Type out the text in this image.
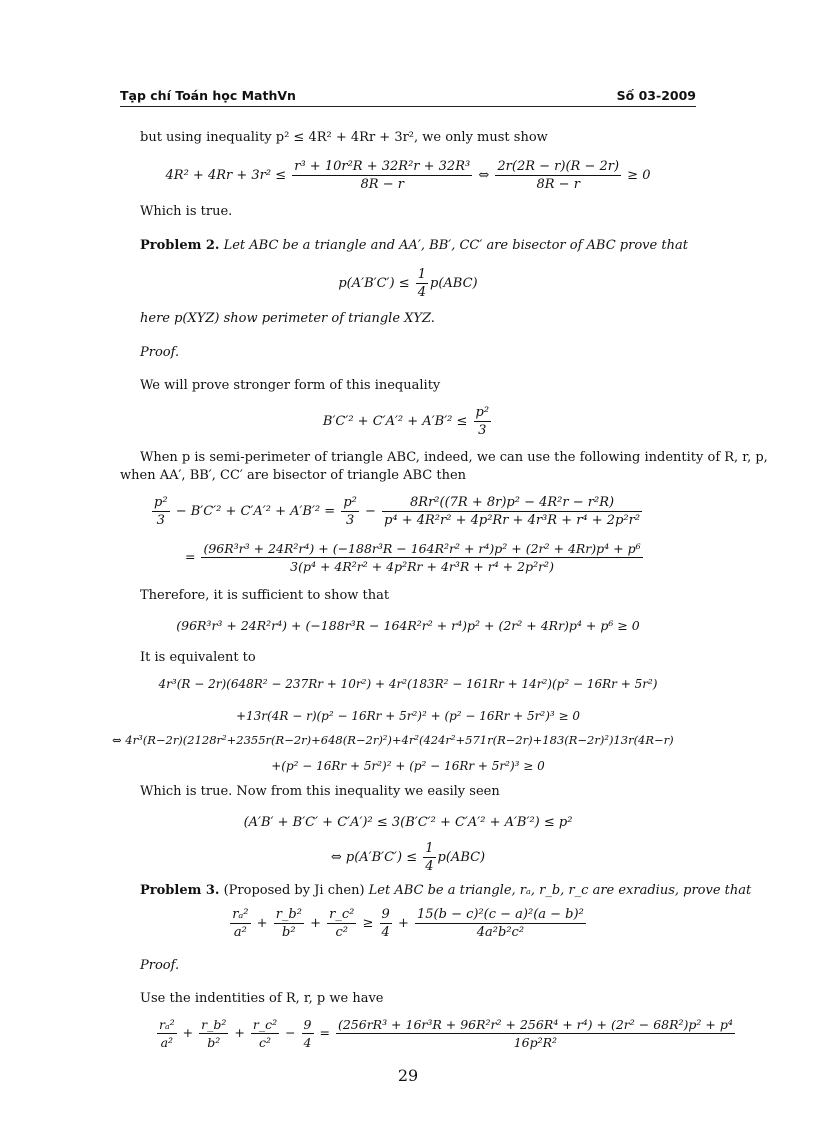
Tạp chí Toán học MathVn	Số 03-2009
but using inequality p² ≤ 4R² + 4Rr + 3r², we only must show
$4R^2 + 4Rr + 3r^2 \le \frac{\text{r³ + 10r²R + 32R²r + 32R³}}{8R - r}$ ⇔ $\frac{2r(2R - r)(R - 2r)}{8R - r} \ge 0$
Which is true.
Problem 2. Let ABC be a triangle and AA′, BB′, CC′ are bisector of ABC prove that
$p(A'B'C') \le \frac{1}{4} p(ABC)$
here p(XYZ) show perimeter of triangle XYZ.
Proof.
We will prove stronger form of this inequality
$B'C'^2 + C'A'^2 + A'B'^2 \le \frac{\text{p²}}{3}$
When p is semi-perimeter of triangle ABC, indeed, we can use the following indentity of R, r, p,
when AA′, BB′, CC′ are bisector of triangle ABC then
$\frac{\text{p²}}{3} - B'C'^2 + C'A'^2 + A'B'^2 = \frac{\text{p²}}{3} - \frac{\text{8Rr²((7R + 8r)p² − 4R²r − r²R)}}{\text{p⁴ + 4R²r² + 4p²Rr + 4r³R + r⁴ + 2p²r²}}$
=
(96R³r³ + 24R²r⁴) + (−188r³R − 164R²r² + r⁴)p² + (2r² + 4Rr)p⁴ + p⁶
3(p⁴ + 4R²r² + 4p²Rr + 4r³R + r⁴ + 2p²r²)
Therefore, it is sufficient to show that
(96R³r³ + 24R²r⁴) + (−188r³R − 164R²r² + r⁴)p² + (2r² + 4Rr)p⁴ + p⁶ ≥ 0
It is equivalent to
4r³(R − 2r)(648R² − 237Rr + 10r²) + 4r²(183R² − 161Rr + 14r²)(p² − 16Rr + 5r²)
+13r(4R − r)(p² − 16Rr + 5r²)² + (p² − 16Rr + 5r²)³ ≥ 0
⇔ 4r³(R−2r)(2128r²+2355r(R−2r)+648(R−2r)²)+4r²(424r²+571r(R−2r)+183(R−2r)²)13r(4R−r)
+(p² − 16Rr + 5r²)² + (p² − 16Rr + 5r²)³ ≥ 0
Which is true. Now from this inequality we easily seen
(A′B′ + B′C′ + C′A′)² ≤ 3(B′C′² + C′A′² + A′B′²) ≤ p²
⇔ $p(A'B'C') \le \frac{1}{4} p(ABC)$
Problem 3. (Proposed by Ji chen) Let ABC be a triangle, rₐ, r_b, r_c are exradius, prove that
$\frac{\text{rₐ²}}{\text{a²}} + \frac{\text{r\_b²}}{\text{b²}} + \frac{\text{r\_c²}}{\text{c²}} \ge \frac{9}{4} + \frac{\text{15(b − c)²(c − a)²(a − b)²}}{\text{4a²b²c²}}$
Proof.
Use the indentities of R, r, p we have
$\frac{\text{rₐ²}}{\text{a²}} + \frac{\text{r\_b²}}{\text{b²}} + \frac{\text{r\_c²}}{\text{c²}} - \frac{9}{4} = \frac{\text{(256rR³ + 16r³R + 96R²r² + 256R⁴ + r⁴) + (2r² − 68R²)p² + p⁴}}{\text{16p²R²}}$
29
